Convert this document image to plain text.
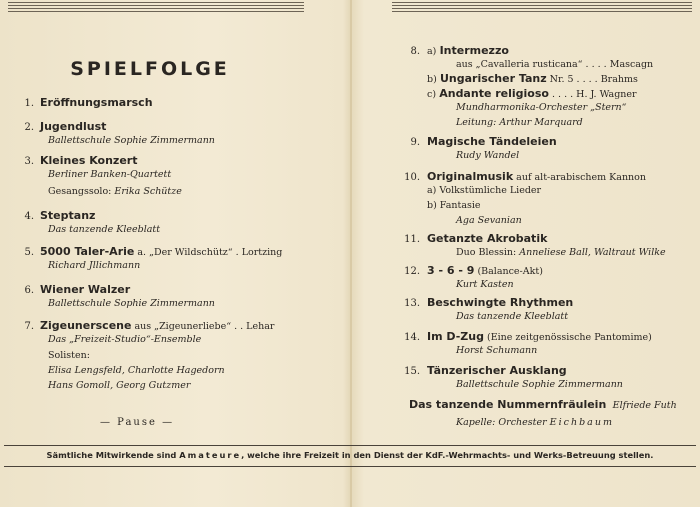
SPIELFOLGE
1. Eröffnungsmarsch
2. Jugendlust
Ballettschule Sophie Zimmermann
3. Kleines Konzert
Berliner Banken-Quartett
Gesangssolo: Erika Schütze
4. Steptanz
Das tanzende Kleeblatt
5. 5000 Taler-Arie a. „Der Wildschütz“ . Lortzing
Richard Jllichmann
6. Wiener Walzer
Ballettschule Sophie Zimmermann
7. Zigeunerscene aus „Zigeunerliebe“ . . Lehar
Das „Freizeit-Studio“-Ensemble
Solisten:
Elisa Lengsfeld, Charlotte Hagedorn
Hans Gomoll, Georg Gutzmer
— Pause —
8. a) Intermezzo
aus „Cavalleria rusticana“ . . . . Mascagn
b) Ungarischer Tanz Nr. 5 . . . . Brahms
c) Andante religioso . . . . H. J. Wagner
Mundharmonika-Orchester „Stern“
Leitung: Arthur Marquard
9. Magische Tändeleien
Rudy Wandel
10. Originalmusik auf alt-arabischem Kannon
a) Volkstümliche Lieder
b) Fantasie
Aga Sevanian
11. Getanzte Akrobatik
Duo Blessin: Anneliese Ball, Waltraut Wilke
12. 3 - 6 - 9 (Balance-Akt)
Kurt Kasten
13. Beschwingte Rhythmen
Das tanzende Kleeblatt
14. Im D-Zug (Eine zeitgenössische Pantomime)
Horst Schumann
15. Tänzerischer Ausklang
Ballettschule Sophie Zimmermann
Das tanzende Nummernfräulein Elfriede Futh
Kapelle: Orchester Eichbaum
Sämtliche Mitwirkende sind Amateure, welche ihre Freizeit in den Dienst der KdF.-Wehrmachts- und Werks-Betreuung stellen.
